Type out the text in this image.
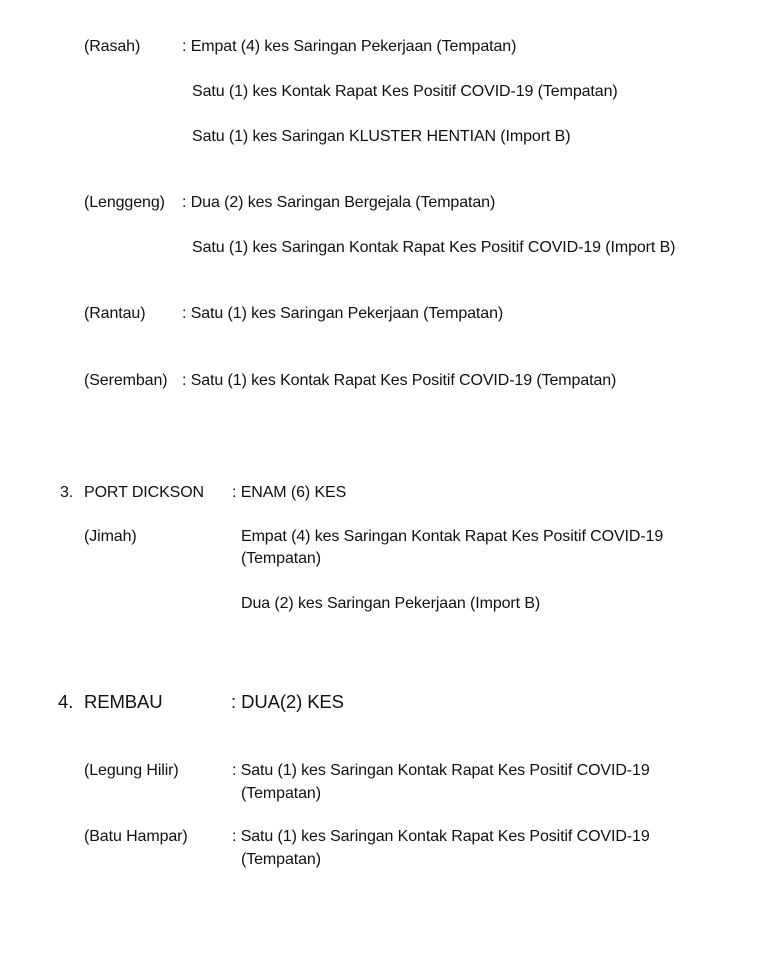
(Rasah)	: Empat (4) kes Saringan Pekerjaan (Tempatan)
Satu (1) kes Kontak Rapat Kes Positif COVID-19 (Tempatan)
Satu (1) kes Saringan KLUSTER HENTIAN (Import B)
(Lenggeng) : Dua (2) kes Saringan Bergejala (Tempatan)
Satu (1) kes Saringan Kontak Rapat Kes Positif COVID-19 (Import B)
(Rantau) : Satu (1) kes Saringan Pekerjaan (Tempatan)
(Seremban) : Satu (1) kes Kontak Rapat Kes Positif COVID-19 (Tempatan)
3. PORT DICKSON : ENAM (6) KES
(Jimah)	Empat (4) kes Saringan Kontak Rapat Kes Positif COVID-19
(Tempatan)
Dua (2) kes Saringan Pekerjaan (Import B)
4. REMBAU	: DUA(2) KES
(Legung Hilir)	: Satu (1) kes Saringan Kontak Rapat Kes Positif COVID-19
(Tempatan)
(Batu Hampar)	: Satu (1) kes Saringan Kontak Rapat Kes Positif COVID-19
(Tempatan)
